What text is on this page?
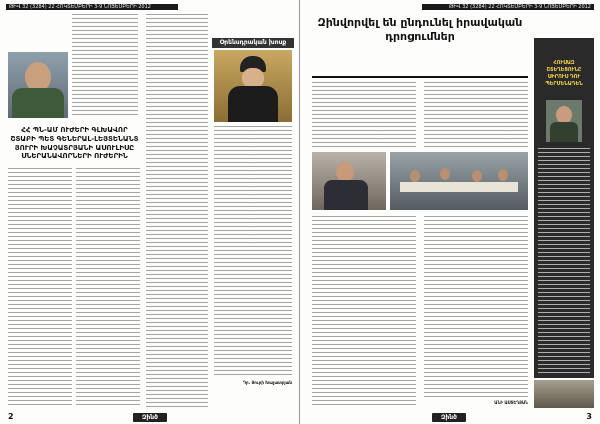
ԹԻՎ 32 (3284) 22 ՀՈԿՏԵՄԲԵՐԻ 3-9 ՆՈՅԵՄԲԵՐԻ 2012
ՀՀ ՊՆ-ԱՄ ՈՒԺԵՐԻ ԳԼԽԱՎՈՐ ՇՏԱԲԻ ՊԵՏ ԳԵՆԵՐԱԼ-ԼԵՅՏԵՆԱՆՏ ՅՈՒՐԻ ԽԱՉԱՏՐՅԱՆԻ ԱՍՈՒԼԻՍԸ ՍՆԵՐԱՆԱՎՈՐՆԵՐԻ ՈՒԺԵՐԻՆ
Օրենսդրական խոսք
Դր. Յուրի Խաչատրյան
2	Զինծ
ԹԻՎ 32 (3284) 22 ՀՈԿՏԵՄԲԵՐԻ 3-9 ՆՈՅԵՄԲԵՐԻ 2012
Զինվորվել են ընդունել իրավական դրոցումներ
ԱՆԻ ԱՍՏԵՂՅԱՆ
ՀՈՒՍԱԶ ՇՏԵՂԵՑՈՒՆԸ ՍԻՐՈՒՍ ԴՈՒ ՊԵՐՄԵՆԱԴԵՆ
Զինծ	3
